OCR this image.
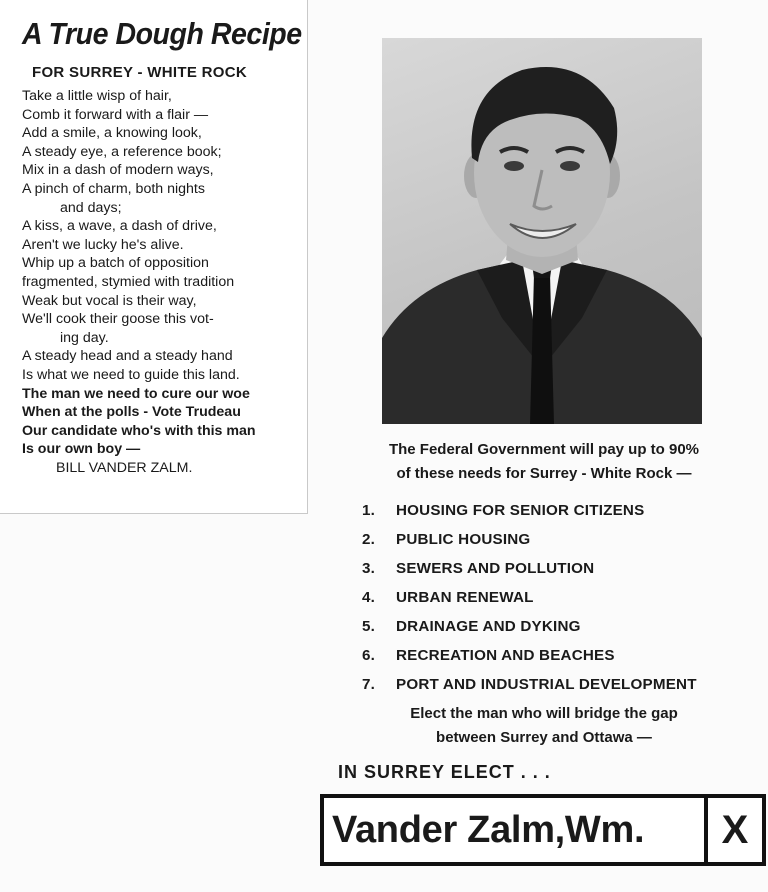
A True Dough Recipe
FOR SURREY - WHITE ROCK
Take a little wisp of hair,
Comb it forward with a flair —
Add a smile, a knowing look,
A steady eye, a reference book;
Mix in a dash of modern ways,
A pinch of charm, both nights
and days;
A kiss, a wave, a dash of drive,
Aren't we lucky he's alive.
Whip up a batch of opposition
fragmented, stymied with tradition
Weak but vocal is their way,
We'll cook their goose this vot-
ing day.
A steady head and a steady hand
Is what we need to guide this land.
The man we need to cure our woe
When at the polls - Vote Trudeau
Our candidate who's with this man
Is our own boy —
BILL VANDER ZALM.
The Federal Government will pay up to 90%
of these needs for Surrey - White Rock —
1. HOUSING FOR SENIOR CITIZENS
2. PUBLIC HOUSING
3. SEWERS AND POLLUTION
4. URBAN RENEWAL
5. DRAINAGE AND DYKING
6. RECREATION AND BEACHES
7. PORT AND INDUSTRIAL DEVELOPMENT
Elect the man who will bridge the gap
between Surrey and Ottawa —
IN SURREY ELECT . . .
Vander Zalm,Wm.	X
